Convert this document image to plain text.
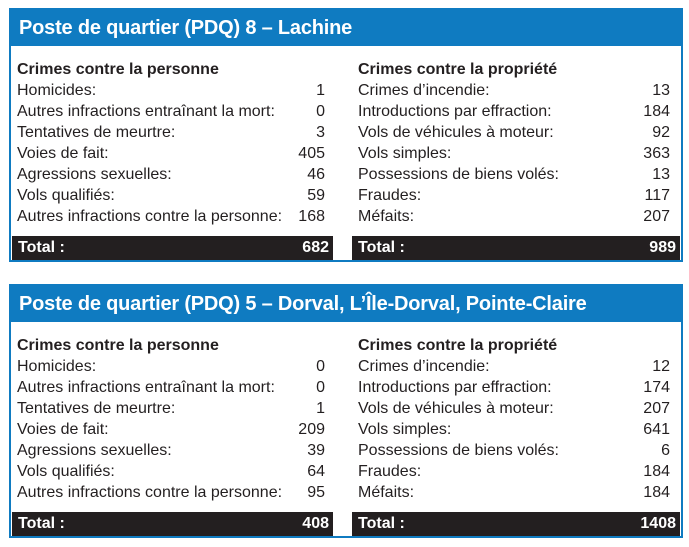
Poste de quartier (PDQ) 8 – Lachine
Crimes contre la personne
Homicides:	1
Autres infractions entraînant la mort:	0
Tentatives de meurtre:	3
Voies de fait:	405
Agressions sexuelles:	46
Vols qualifiés:	59
Autres infractions contre la personne: 168
Crimes contre la propriété
Crimes d’incendie:	13
Introductions par effraction:	184
Vols de véhicules à moteur:	92
Vols simples:	363
Possessions de biens volés:	13
Fraudes:	117
Méfaits:	207
Total :	682 Total :	989
Poste de quartier (PDQ) 5 – Dorval, L’Île-Dorval, Pointe-Claire
Crimes contre la personne
Homicides:	0
Autres infractions entraînant la mort:	0
Tentatives de meurtre:	1
Voies de fait:	209
Agressions sexuelles:	39
Vols qualifiés:	64
Autres infractions contre la personne: 95
Crimes contre la propriété
Crimes d’incendie:	12
Introductions par effraction:	174
Vols de véhicules à moteur:	207
Vols simples:	641
Possessions de biens volés:	6
Fraudes:	184
Méfaits:	184
Total :	408 Total :	1408
